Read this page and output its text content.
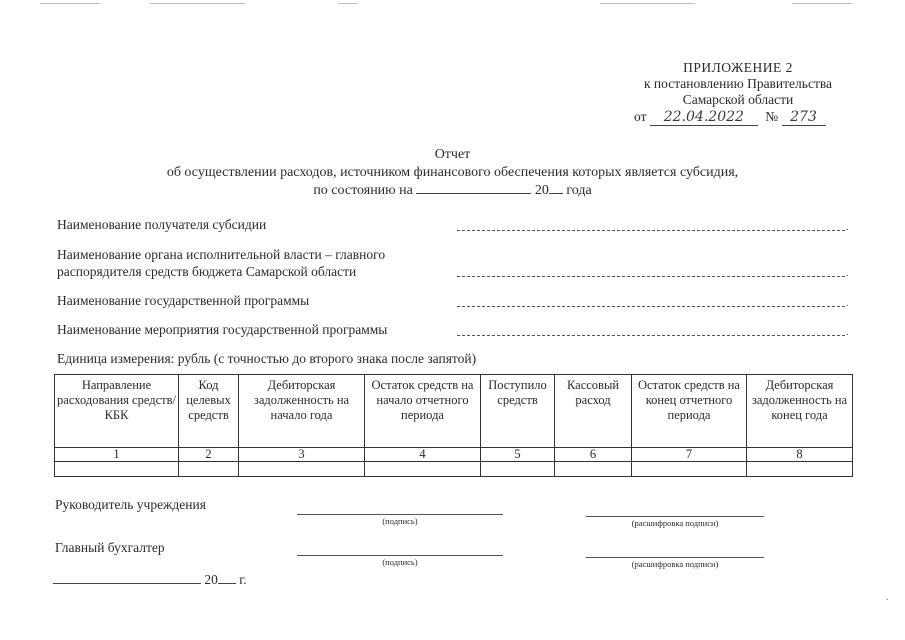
ПРИЛОЖЕНИЕ 2
к постановлению Правительства
Самарской области
от 22.04.2022 № 273
Отчет
об осуществлении расходов, источником финансового обеспечения которых является субсидия,
по состоянию на	20 года
Наименование получателя субсидии	.
Наименование органа исполнительной власти – главного
распорядителя средств бюджета Самарской области	.
Наименование государственной программы	.
Наименование мероприятия государственной программы	.
Единица измерения: рубль (с точностью до второго знака после запятой)
Направление расходования средств/КБК	Код целевых средств	Дебиторская задолженность на начало года	Остаток средств на начало отчетного периода	Поступило средств	Кассовый расход	Остаток средств на конец отчетного периода	Дебиторская задолженность на конец года
1	2	3	4	5	6	7	8

Руководитель учреждения
(подпись)	(расшифровка подписи)
Главный бухгалтер
(подпись)	(расшифровка подписи)
20 г.
.
